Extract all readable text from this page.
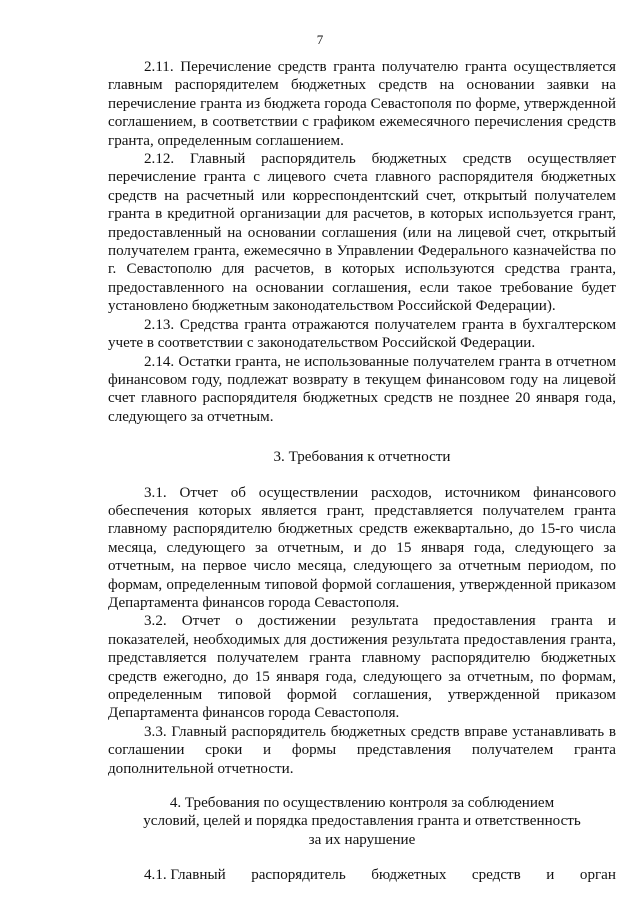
7

2.11. Перечисление средств гранта получателю гранта осуществляется главным распорядителем бюджетных средств на основании заявки на перечисление гранта из бюджета города Севастополя по форме, утвержденной соглашением, в соответствии с графиком ежемесячного перечисления средств гранта, определенным соглашением.

2.12. Главный распорядитель бюджетных средств осуществляет перечисление гранта с лицевого счета главного распорядителя бюджетных средств на расчетный или корреспондентский счет, открытый получателем гранта в кредитной организации для расчетов, в которых используется грант, предоставленный на основании соглашения (или на лицевой счет, открытый получателем гранта, ежемесячно в Управлении Федерального казначейства по г. Севастополю для расчетов, в которых используются средства гранта, предоставленного на основании соглашения, если такое требование будет установлено бюджетным законодательством Российской Федерации).

2.13. Средства гранта отражаются получателем гранта в бухгалтерском учете в соответствии с законодательством Российской Федерации.

2.14. Остатки гранта, не использованные получателем гранта в отчетном финансовом году, подлежат возврату в текущем финансовом году на лицевой счет главного распорядителя бюджетных средств не позднее 20 января года, следующего за отчетным.

3. Требования к отчетности

3.1. Отчет об осуществлении расходов, источником финансового обеспечения которых является грант, представляется получателем гранта главному распорядителю бюджетных средств ежеквартально, до 15-го числа месяца, следующего за отчетным, и до 15 января года, следующего за отчетным, на первое число месяца, следующего за отчетным периодом, по формам, определенным типовой формой соглашения, утвержденной приказом Департамента финансов города Севастополя.

3.2. Отчет о достижении результата предоставления гранта и показателей, необходимых для достижения результата предоставления гранта, представляется получателем гранта главному распорядителю бюджетных средств ежегодно, до 15 января года, следующего за отчетным, по формам, определенным типовой формой соглашения, утвержденной приказом Департамента финансов города Севастополя.

3.3. Главный распорядитель бюджетных средств вправе устанавливать в соглашении сроки и формы представления получателем гранта дополнительной отчетности.

4. Требования по осуществлению контроля за соблюдением

условий, целей и порядка предоставления гранта и ответственность

за их нарушение

4.1. Главный распорядитель бюджетных средств и орган
